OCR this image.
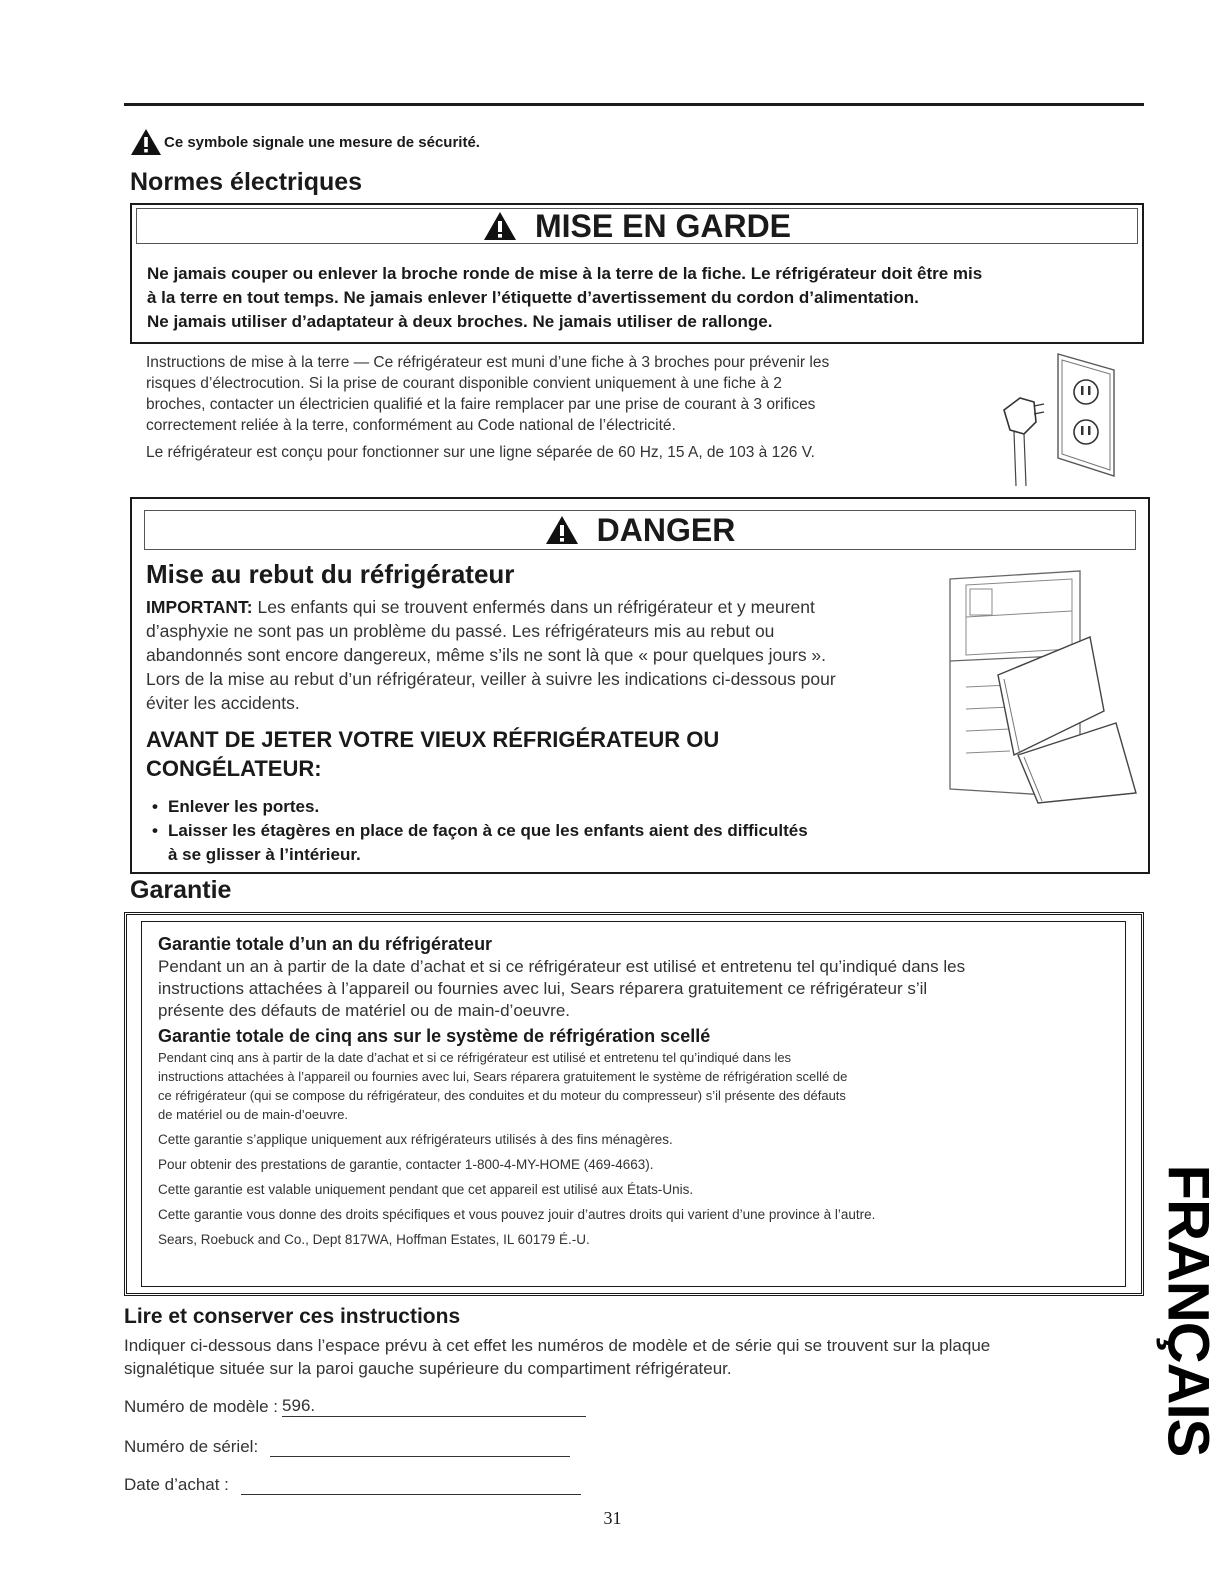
Ce symbole signale une mesure de sécurité.
Normes électriques
MISE EN GARDE
Ne jamais couper ou enlever la broche ronde de mise à la terre de la fiche. Le réfrigérateur doit être mis
à la terre en tout temps. Ne jamais enlever l’étiquette d’avertissement du cordon d’alimentation.
Ne jamais utiliser d’adaptateur à deux broches. Ne jamais utiliser de rallonge.
Instructions de mise à la terre — Ce réfrigérateur est muni d’une fiche à 3 broches pour prévenir les
risques d’électrocution. Si la prise de courant disponible convient uniquement à une fiche à 2
broches, contacter un électricien qualifié et la faire remplacer par une prise de courant à 3 orifices
correctement reliée à la terre, conformément au Code national de l’électricité.
Le réfrigérateur est conçu pour fonctionner sur une ligne séparée de 60 Hz, 15 A, de 103 à 126 V.
DANGER
Mise au rebut du réfrigérateur
IMPORTANT: Les enfants qui se trouvent enfermés dans un réfrigérateur et y meurent
d’asphyxie ne sont pas un problème du passé. Les réfrigérateurs mis au rebut ou
abandonnés sont encore dangereux, même s’ils ne sont là que « pour quelques jours ».
Lors de la mise au rebut d’un réfrigérateur, veiller à suivre les indications ci-dessous pour
éviter les accidents.
AVANT DE JETER VOTRE VIEUX RÉFRIGÉRATEUR OU
CONGÉLATEUR:
• Enlever les portes.
• Laisser les étagères en place de façon à ce que les enfants aient des difficultés
à se glisser à l’intérieur.
Garantie
Garantie totale d’un an du réfrigérateur
Pendant un an à partir de la date d’achat et si ce réfrigérateur est utilisé et entretenu tel qu’indiqué dans les
instructions attachées à l’appareil ou fournies avec lui, Sears réparera gratuitement ce réfrigérateur s’il
présente des défauts de matériel ou de main-d’oeuvre.
Garantie totale de cinq ans sur le système de réfrigération scellé
Pendant cinq ans à partir de la date d’achat et si ce réfrigérateur est utilisé et entretenu tel qu’indiqué dans les
instructions attachées à l’appareil ou fournies avec lui, Sears réparera gratuitement le système de réfrigération scellé de
ce réfrigérateur (qui se compose du réfrigérateur, des conduites et du moteur du compresseur) s’il présente des défauts
de matériel ou de main-d’oeuvre.
Cette garantie s’applique uniquement aux réfrigérateurs utilisés à des fins ménagères.
Pour obtenir des prestations de garantie, contacter 1-800-4-MY-HOME (469-4663).
Cette garantie est valable uniquement pendant que cet appareil est utilisé aux États-Unis.
Cette garantie vous donne des droits spécifiques et vous pouvez jouir d’autres droits qui varient d’une province à l’autre.
Sears, Roebuck and Co., Dept 817WA, Hoffman Estates, IL 60179 É.-U.
Lire et conserver ces instructions
Indiquer ci-dessous dans l’espace prévu à cet effet les numéros de modèle et de série qui se trouvent sur la plaque
signalétique située sur la paroi gauche supérieure du compartiment réfrigérateur.
Numéro de modèle : 596.
Numéro de sériel:
Date d’achat :
FRANÇAIS
31
